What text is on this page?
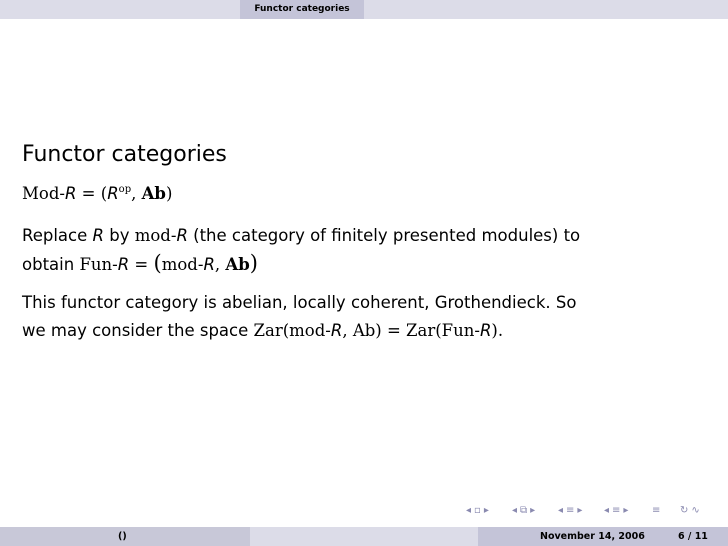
Functor categories
Functor categories
$Mod-R = (R^{op}$, Ab)
Replace R by mod-R (the category of finitely presented modules) to
obtain Fun-R = (mod-R, Ab)
This functor category is abelian, locally coherent, Grothendieck. So
we may consider the space Zar(mod-R, Ab) = Zar(Fun-R).
◂ ▫ ▸	◂ ⧉ ▸	◂ ≡ ▸	◂ ≡ ▸	≡	↻ ∿
()	November 14, 2006	6 / 11
